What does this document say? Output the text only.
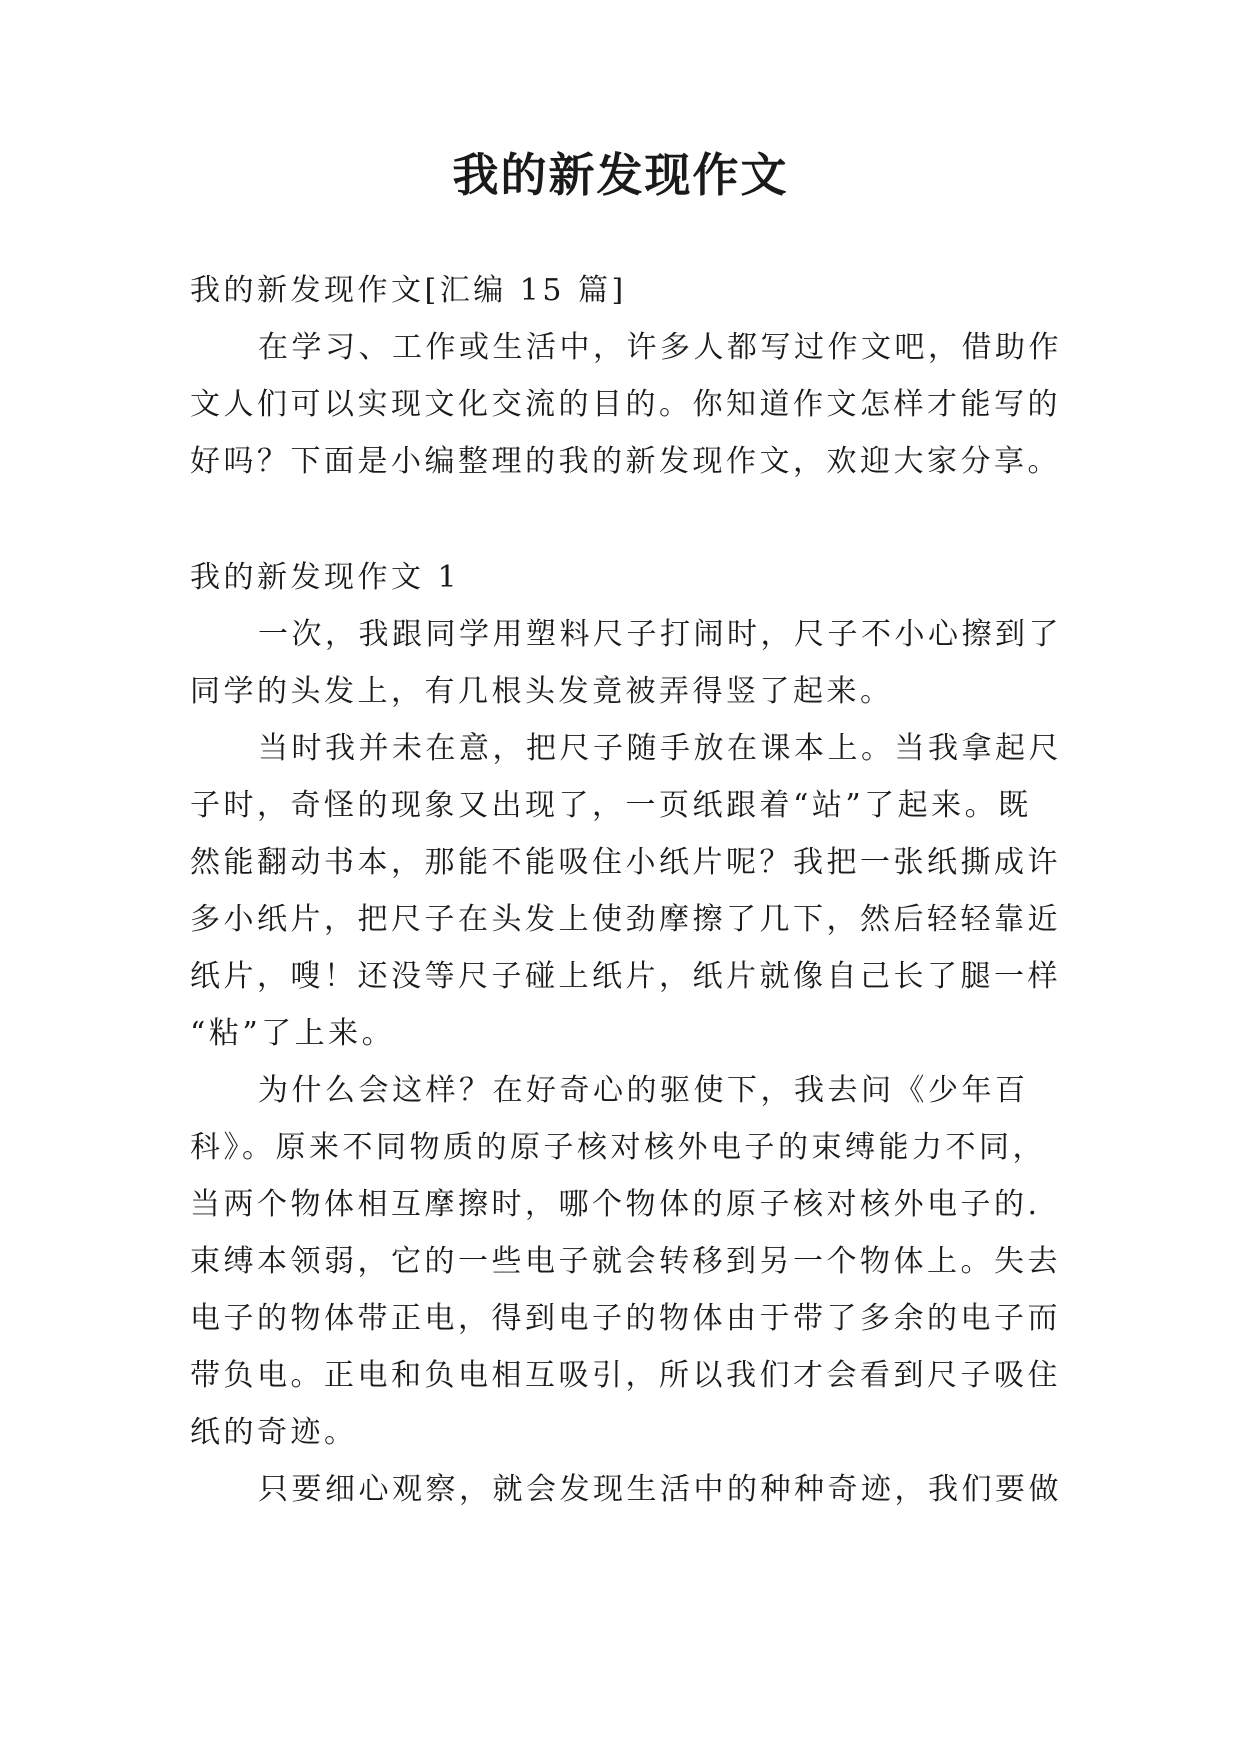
我的新发现作文
我的新发现作文[汇编 15 篇]
在学习、工作或生活中，许多人都写过作文吧，借助作
文人们可以实现文化交流的目的。你知道作文怎样才能写的
好吗？下面是小编整理的我的新发现作文，欢迎大家分享。
我的新发现作文 1
一次，我跟同学用塑料尺子打闹时，尺子不小心擦到了
同学的头发上，有几根头发竟被弄得竖了起来。
当时我并未在意，把尺子随手放在课本上。当我拿起尺
子时，奇怪的现象又出现了，一页纸跟着“站”了起来。既
然能翻动书本，那能不能吸住小纸片呢？我把一张纸撕成许
多小纸片，把尺子在头发上使劲摩擦了几下，然后轻轻靠近
纸片，嗖！还没等尺子碰上纸片，纸片就像自己长了腿一样
“粘”了上来。
为什么会这样？在好奇心的驱使下，我去问《少年百
科》。原来不同物质的原子核对核外电子的束缚能力不同，
当两个物体相互摩擦时，哪个物体的原子核对核外电子的.
束缚本领弱，它的一些电子就会转移到另一个物体上。失去
电子的物体带正电，得到电子的物体由于带了多余的电子而
带负电。正电和负电相互吸引，所以我们才会看到尺子吸住
纸的奇迹。
只要细心观察，就会发现生活中的种种奇迹，我们要做
